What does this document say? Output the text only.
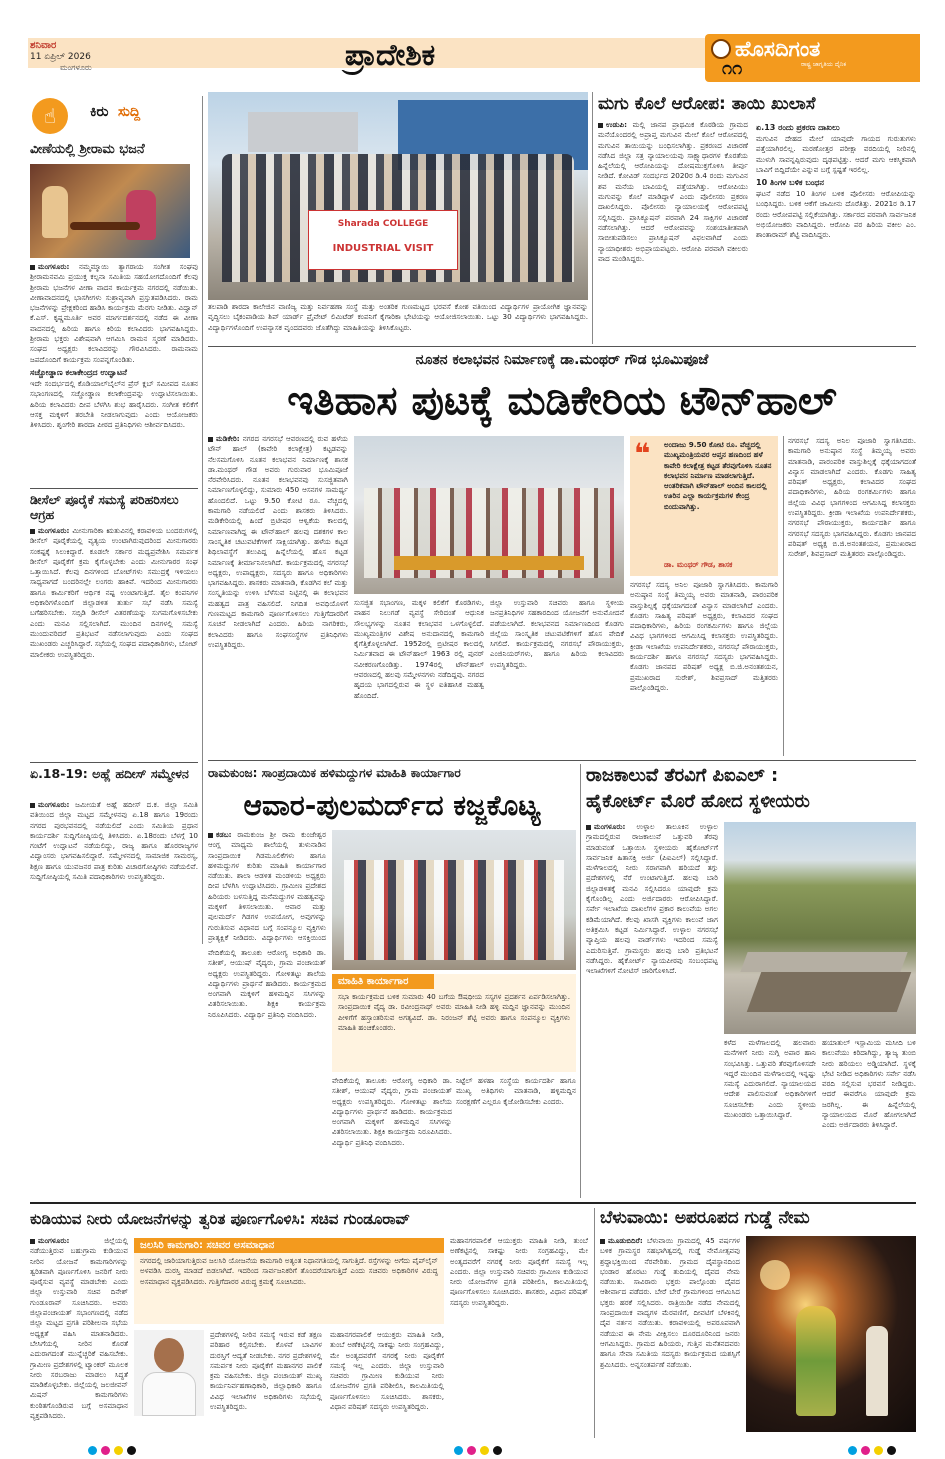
ಶನಿವಾರ
11 ಏಪ್ರಿಲ್ 2026
ಮಂಗಳೂರು	ಪ್ರಾದೇಶಿಕ	ಹೊಸದಿಗಂತ
ರಾಷ್ಟ್ರ ಜಾಗೃತಿಯ ದೈನಿಕ
೧೧
☝	ಕಿರು ಸುದ್ದಿ
ವೀಣೆಯಲ್ಲಿ ಶ್ರೀರಾಮ ಭಜನೆ

ಮಂಗಳೂರು: ನಮ್ಮಮ್ಮಾಯಿ ತ್ಯಾಗರಾಯ ಸಂಗೀತ ಸಂಘವು ಶ್ರೀರಾಮನವಮಿ ಪ್ರಯುಕ್ತ ಕಲ್ಪನಾ ಸಮಿತಿಯ ಸಹಯೋಗದೊಂದಿಗೆ ಕೆಲವು ಶ್ರೀರಾಮ ಭಜನೆಗಳ ವೀಣಾ ವಾದನ ಕಾರ್ಯಕ್ರಮ ನಗರದಲ್ಲಿ ನಡೆಯಿತು. ವೀಣಾವಾದನದಲ್ಲಿ ಭಾಸಗೀಗಳು ಸುಶ್ರಾವ್ಯವಾಗಿ ಪ್ರಸ್ತುತಪಡಿಸಿದರು. ರಾಮ ಭಜನೆಗಳನ್ನು ಪ್ರೇಕ್ಷಕರಿಂದ ಹಾಡಿಸಿ ಕಾರ್ಯಕ್ರಮ ಮೆರಗು ನೀಡಿತು. ವಿದ್ವಾನ್ ಕೆ.ಎಸ್. ಕೃಷ್ಣಮೂರ್ತಿ ಅವರ ಮಾರ್ಗದರ್ಶನದಲ್ಲಿ ನಡೆದ ಈ ವೀಣಾ ವಾದನದಲ್ಲಿ ಹಿರಿಯ ಹಾಗೂ ಕಿರಿಯ ಕಲಾವಿದರು ಭಾಗವಹಿಸಿದ್ದರು. ಶ್ರೀರಾಮ ಭಕ್ತರು ವಿಶೇಷವಾಗಿ ಆಗಮಿಸಿ ರಾಮನ ಸ್ಮರಣೆ ಮಾಡಿದರು. ಸಂಘದ ಅಧ್ಯಕ್ಷರು ಕಲಾವಿದರನ್ನು ಗೌರವಿಸಿದರು. ರಾಮನಾಮ ಜಪದೊಂದಿಗೆ ಕಾರ್ಯಕ್ರಮ ಸಂಪನ್ನಗೊಂಡಿತು.

ಸಚ್ಚೋಡ್ಡಾಣ ಕಲಾಕೇಂದ್ರದ ಉದ್ಘಾಟನೆ

ಇದೇ ಸಂದರ್ಭದಲ್ಲಿ ಕೊಡಿಯಾಲ್‌ಬೈಲ್‌ನ ಪ್ರೆಸ್ ಕ್ಲಬ್ ಸಮೀಪದ ನೂತನ ಸಭಾಂಗಣದಲ್ಲಿ ಸಚ್ಚೋಡ್ಡಾಣ ಕಲಾಕೇಂದ್ರವನ್ನು ಉದ್ಘಾಟಿಸಲಾಯಿತು. ಹಿರಿಯ ಕಲಾವಿದರು ದೀಪ ಬೆಳಗಿಸಿ ಶುಭ ಹಾರೈಸಿದರು. ಸಂಗೀತ ಕಲಿಕೆಗೆ ಆಸಕ್ತ ಮಕ್ಕಳಿಗೆ ತರಬೇತಿ ನೀಡಲಾಗುವುದು ಎಂದು ಆಯೋಜಕರು ತಿಳಿಸಿದರು. ಶೃಂಗೇರಿ ಶಾರದಾ ಪೀಠದ ಪ್ರತಿನಿಧಿಗಳು ಆಶೀರ್ವದಿಸಿದರು.

ಡೀಸೆಲ್ ಪೂರೈಕೆ ಸಮಸ್ಯೆ ಪರಿಹರಿಸಲು ಆಗ್ರಹ

ಮಂಗಳೂರು: ಮೀನುಗಾರಿಕಾ ಋತುವಿನಲ್ಲಿ ಕರಾವಳಿಯ ಬಂದರುಗಳಲ್ಲಿ ಡೀಸೆಲ್ ಪೂರೈಕೆಯಲ್ಲಿ ವ್ಯತ್ಯಯ ಉಂಟಾಗಿರುವುದರಿಂದ ಮೀನುಗಾರರು ಸಂಕಷ್ಟಕ್ಕೆ ಸಿಲುಕಿದ್ದಾರೆ. ಕೂಡಲೇ ಸರ್ಕಾರ ಮಧ್ಯಪ್ರವೇಶಿಸಿ ಸಮರ್ಪಕ ಡೀಸೆಲ್ ಪೂರೈಕೆಗೆ ಕ್ರಮ ಕೈಗೊಳ್ಳಬೇಕು ಎಂದು ಮೀನುಗಾರರ ಸಂಘ ಒತ್ತಾಯಿಸಿದೆ. ಕೆಲವು ದಿನಗಳಿಂದ ಬೋಟ್‌ಗಳು ಸಮುದ್ರಕ್ಕೆ ಇಳಿಯಲು ಸಾಧ್ಯವಾಗದೆ ಬಂದರಿನಲ್ಲೇ ಲಂಗರು ಹಾಕಿವೆ. ಇದರಿಂದ ಮೀನುಗಾರರು ಹಾಗೂ ಕಾರ್ಮಿಕರಿಗೆ ಆರ್ಥಿಕ ನಷ್ಟ ಉಂಟಾಗುತ್ತಿದೆ. ತೈಲ ಕಂಪನಿಗಳ ಅಧಿಕಾರಿಗಳೊಂದಿಗೆ ಜಿಲ್ಲಾಡಳಿತ ತುರ್ತು ಸಭೆ ನಡೆಸಿ ಸಮಸ್ಯೆ ಬಗೆಹರಿಸಬೇಕು. ಸಬ್ಸಿಡಿ ಡೀಸೆಲ್ ವಿತರಣೆಯನ್ನು ಸುಗಮಗೊಳಿಸಬೇಕು ಎಂದು ಮನವಿ ಸಲ್ಲಿಸಲಾಗಿದೆ. ಮುಂದಿನ ದಿನಗಳಲ್ಲಿ ಸಮಸ್ಯೆ ಮುಂದುವರಿದರೆ ಪ್ರತಿಭಟನೆ ನಡೆಸಲಾಗುವುದು ಎಂದು ಸಂಘದ ಮುಖಂಡರು ಎಚ್ಚರಿಸಿದ್ದಾರೆ. ಸಭೆಯಲ್ಲಿ ಸಂಘದ ಪದಾಧಿಕಾರಿಗಳು, ಬೋಟ್ ಮಾಲೀಕರು ಉಪಸ್ಥಿತರಿದ್ದರು.

ಏ.18-19: ಅಹ್ಲೆ ಹದೀಸ್ ಸಮ್ಮೇಳನ

ಮಂಗಳೂರು: ಜಮೀಯತೆ ಅಹ್ಲೆ ಹದೀಸ್ ದ.ಕ. ಜಿಲ್ಲಾ ಸಮಿತಿ ವತಿಯಿಂದ ಜಿಲ್ಲಾ ಮಟ್ಟದ ಸಮ್ಮೇಳನವು ಏ.18 ಹಾಗೂ 19ರಂದು ನಗರದ ಪುರಭವನದಲ್ಲಿ ನಡೆಯಲಿದೆ ಎಂದು ಸಮಿತಿಯ ಪ್ರಧಾನ ಕಾರ್ಯದರ್ಶಿ ಸುದ್ದಿಗೋಷ್ಠಿಯಲ್ಲಿ ತಿಳಿಸಿದರು. ಏ.18ರಂದು ಬೆಳಗ್ಗೆ 10 ಗಂಟೆಗೆ ಉದ್ಘಾಟನೆ ನಡೆಯಲಿದ್ದು, ರಾಜ್ಯ ಹಾಗೂ ಹೊರರಾಜ್ಯಗಳ ವಿದ್ವಾಂಸರು ಭಾಗವಹಿಸಲಿದ್ದಾರೆ. ಸಮ್ಮೇಳನದಲ್ಲಿ ಸಾಮಾಜಿಕ ಸಾಮರಸ್ಯ, ಶಿಕ್ಷಣ ಹಾಗೂ ಯುವಜನರ ಪಾತ್ರ ಕುರಿತು ವಿಚಾರಗೋಷ್ಠಿಗಳು ನಡೆಯಲಿವೆ. ಸುದ್ದಿಗೋಷ್ಠಿಯಲ್ಲಿ ಸಮಿತಿ ಪದಾಧಿಕಾರಿಗಳು ಉಪಸ್ಥಿತರಿದ್ದರು.

Sharada COLLEGE
INDUSTRIAL VISIT
ತಲಪಾಡಿ ಶಾರದಾ ಕಾಲೇಜಿನ ವಾಣಿಜ್ಯ ಮತ್ತು ನಿರ್ವಹಣಾ ಸಂಸ್ಥೆ ಮತ್ತು ಅಂತರಿಕ ಗುಣಮಟ್ಟದ ಭರವಸೆ ಕೋಶ ವತಿಯಿಂದ ವಿದ್ಯಾರ್ಥಿಗಳ ಪ್ರಾಯೋಗಿಕ ಜ್ಞಾನವನ್ನು ವೃದ್ಧಿಸಲು ಬೈಕಂಪಾಡಿಯ ಶಿಪ್ ಯಾರ್ಡ್ ಪ್ರೈವೇಟ್ ಲಿಮಿಟೆಡ್ ಕಂಪನಿಗೆ ಕೈಗಾರಿಕಾ ಭೇಟಿಯನ್ನು ಆಯೋಜಿಸಲಾಯಿತು. ಒಟ್ಟು 30 ವಿದ್ಯಾರ್ಥಿಗಳು ಭಾಗವಹಿಸಿದ್ದರು. ವಿದ್ಯಾರ್ಥಿಗಳೊಂದಿಗೆ ಉಪನ್ಯಾಸಕ ವೃಂದದವರು ಜೊತೆಗಿದ್ದು ಮಾಹಿತಿಯನ್ನು ತಿಳಿಸಿಕೊಟ್ಟರು.
ಮಗು ಕೊಲೆ ಆರೋಪ: ತಾಯಿ ಖುಲಾಸೆ

ಉಡುಪಿ: ಮಲ್ಲಿ ಜಾನಪ ಪ್ರಾಥಮಿಕ ಕೊಠಡಿಯ ಗ್ರಾಮದ ಮನೆಯೊಂದರಲ್ಲಿ ಅಪ್ರಾಪ್ತ ಮಗುವಿನ ಮೇಲೆ ಕೊಲೆ ಆರೋಪದಲ್ಲಿ ಮಗುವಿನ ತಾಯಿಯನ್ನು ಬಂಧಿಸಲಾಗಿತ್ತು. ಪ್ರಕರಣದ ವಿಚಾರಣೆ ನಡೆಸಿದ ಜಿಲ್ಲಾ ಸತ್ರ ನ್ಯಾಯಾಲಯವು ಸಾಕ್ಷ್ಯಾಧಾರಗಳ ಕೊರತೆಯ ಹಿನ್ನೆಲೆಯಲ್ಲಿ ಆರೋಪಿಯನ್ನು ದೋಷಮುಕ್ತಗೊಳಿಸಿ ತೀರ್ಪು ನೀಡಿದೆ. ಕೋವಿಡ್ ಸಂದರ್ಭದ 2020ರ ಡಿ.4 ರಂದು ಮಗುವಿನ ಶವ ಮನೆಯ ಬಾವಿಯಲ್ಲಿ ಪತ್ತೆಯಾಗಿತ್ತು. ಆರೋಪಿಯು ಮಗುವನ್ನು ಕೊಲೆ ಮಾಡಿದ್ದಾಳೆ ಎಂದು ಪೊಲೀಸರು ಪ್ರಕರಣ ದಾಖಲಿಸಿದ್ದರು. ಪೊಲೀಸರು ನ್ಯಾಯಾಲಯಕ್ಕೆ ಆರೋಪಪಟ್ಟಿ ಸಲ್ಲಿಸಿದ್ದರು. ಪ್ರಾಸಿಕ್ಯೂಷನ್ ಪರವಾಗಿ 24 ಸಾಕ್ಷಿಗಳ ವಿಚಾರಣೆ ನಡೆಸಲಾಗಿತ್ತು. ಆದರೆ ಆರೋಪವನ್ನು ಸಂಶಯಾತೀತವಾಗಿ ಸಾಬೀತುಪಡಿಸಲು ಪ್ರಾಸಿಕ್ಯೂಷನ್ ವಿಫಲವಾಗಿದೆ ಎಂದು ನ್ಯಾಯಾಧೀಶರು ಅಭಿಪ್ರಾಯಪಟ್ಟರು. ಆರೋಪಿ ಪರವಾಗಿ ವಕೀಲರು ವಾದ ಮಂಡಿಸಿದ್ದರು.

ಏ.13 ರಂದು ಪ್ರಕರಣ ದಾಖಲು

ಮಗುವಿನ ದೇಹದ ಮೇಲೆ ಯಾವುದೇ ಗಾಯದ ಗುರುತುಗಳು ಪತ್ತೆಯಾಗಿರಲಿಲ್ಲ. ಮರಣೋತ್ತರ ಪರೀಕ್ಷಾ ವರದಿಯಲ್ಲಿ ನೀರಿನಲ್ಲಿ ಮುಳುಗಿ ಸಾವನ್ನಪ್ಪಿರುವುದು ದೃಢಪಟ್ಟಿತ್ತು. ಆದರೆ ಮಗು ಆಕಸ್ಮಿಕವಾಗಿ ಬಾವಿಗೆ ಬಿದ್ದಿದೆಯೇ ಎನ್ನುವ ಬಗ್ಗೆ ಸ್ಪಷ್ಟತೆ ಇರಲಿಲ್ಲ.

10 ತಿಂಗಳ ಬಳಿಕ ಬಂಧನ

ಘಟನೆ ನಡೆದ 10 ತಿಂಗಳ ಬಳಿಕ ಪೊಲೀಸರು ಆರೋಪಿಯನ್ನು ಬಂಧಿಸಿದ್ದರು. ಬಳಿಕ ಆಕೆಗೆ ಜಾಮೀನು ದೊರೆತಿತ್ತು. 2021ರ ಡಿ.17 ರಂದು ಆರೋಪಪಟ್ಟಿ ಸಲ್ಲಿಕೆಯಾಗಿತ್ತು. ಸರ್ಕಾರದ ಪರವಾಗಿ ಸಾರ್ವಜನಿಕ ಅಭಿಯೋಜಕರು ವಾದಿಸಿದ್ದರು. ಆರೋಪಿ ಪರ ಹಿರಿಯ ವಕೀಲ ಎಂ. ಶಾಂತಾರಾಮ್ ಶೆಟ್ಟಿ ವಾದಿಸಿದ್ದರು.

ನೂತನ ಕಲಾಭವನ ನಿರ್ಮಾಣಕ್ಕೆ ಡಾ.ಮಂಥರ್ ಗೌಡ ಭೂಮಿಪೂಜೆ
ಇತಿಹಾಸ ಪುಟಕ್ಕೆ ಮಡಿಕೇರಿಯ ಟೌನ್‌ಹಾಲ್

ಮಡಿಕೇರಿ: ನಗರದ ನಗರಸಭೆ ಆವರಣದಲ್ಲಿ ರುವ ಹಳೆಯ ಟೌನ್ ಹಾಲ್ (ಕಾವೇರಿ ಕಲಾಕ್ಷೇತ್ರ) ಕಟ್ಟಡವನ್ನು ನೆಲಸಮಗೊಳಿಸಿ ನೂತನ ಕಲಾಭವನ ನಿರ್ಮಾಣಕ್ಕೆ ಶಾಸಕ ಡಾ.ಮಂಥರ್ ಗೌಡ ಅವರು ಗುರುವಾರ ಭೂಮಿಪೂಜೆ ನೆರವೇರಿಸಿದರು. ನೂತನ ಕಲಾಭವನವು ಸುಸಜ್ಜಿತವಾಗಿ ನಿರ್ಮಾಣಗೊಳ್ಳಲಿದ್ದು, ಸುಮಾರು 450 ಆಸನಗಳ ಸಾಮರ್ಥ್ಯ ಹೊಂದಲಿದೆ. ಒಟ್ಟು 9.50 ಕೋಟಿ ರೂ. ವೆಚ್ಚದಲ್ಲಿ ಕಾಮಗಾರಿ ನಡೆಯಲಿದೆ ಎಂದು ಶಾಸಕರು ತಿಳಿಸಿದರು. ಮಡಿಕೇರಿಯಲ್ಲಿ ಹಿಂದೆ ಬ್ರಿಟೀಷರ ಆಳ್ವಿಕೆಯ ಕಾಲದಲ್ಲಿ ನಿರ್ಮಾಣವಾಗಿದ್ದ ಈ ಟೌನ್‌ಹಾಲ್ ಹಲವು ದಶಕಗಳ ಕಾಲ ಸಾಂಸ್ಕೃತಿಕ ಚಟುವಟಿಕೆಗಳಿಗೆ ಸಾಕ್ಷಿಯಾಗಿತ್ತು. ಹಳೆಯ ಕಟ್ಟಡ ಶಿಥಿಲಾವಸ್ಥೆಗೆ ತಲುಪಿದ್ದ ಹಿನ್ನೆಲೆಯಲ್ಲಿ ಹೊಸ ಕಟ್ಟಡ ನಿರ್ಮಾಣಕ್ಕೆ ತೀರ್ಮಾನಿಸಲಾಗಿದೆ. ಕಾರ್ಯಕ್ರಮದಲ್ಲಿ ನಗರಸಭೆ ಅಧ್ಯಕ್ಷರು, ಉಪಾಧ್ಯಕ್ಷರು, ಸದಸ್ಯರು ಹಾಗೂ ಅಧಿಕಾರಿಗಳು ಭಾಗವಹಿಸಿದ್ದರು. ಶಾಸಕರು ಮಾತನಾಡಿ, ಕೊಡಗಿನ ಕಲೆ ಮತ್ತು ಸಂಸ್ಕೃತಿಯನ್ನು ಉಳಿಸಿ ಬೆಳೆಸುವ ನಿಟ್ಟಿನಲ್ಲಿ ಈ ಕಲಾಭವನ ಮಹತ್ವದ ಪಾತ್ರ ವಹಿಸಲಿದೆ. ನಿಗದಿತ ಅವಧಿಯೊಳಗೆ ಗುಣಮಟ್ಟದ ಕಾಮಗಾರಿ ಪೂರ್ಣಗೊಳಿಸಲು ಗುತ್ತಿಗೆದಾರರಿಗೆ ಸೂಚನೆ ನೀಡಲಾಗಿದೆ ಎಂದರು. ಹಿರಿಯ ನಾಗರಿಕರು, ಕಲಾವಿದರು ಹಾಗೂ ಸಂಘಸಂಸ್ಥೆಗಳ ಪ್ರತಿನಿಧಿಗಳು ಉಪಸ್ಥಿತರಿದ್ದರು.

ಸುಸಜ್ಜಿತ ಸಭಾಂಗಣ, ಮಕ್ಕಳ ಕಲಿಕೆಗೆ ಕೊಠಡಿಗಳು, ವಾಹನ ನಿಲುಗಡೆ ವ್ಯವಸ್ಥೆ ಸೇರಿದಂತೆ ಆಧುನಿಕ ಸೌಲಭ್ಯಗಳನ್ನು ನೂತನ ಕಲಾಭವನ ಒಳಗೊಳ್ಳಲಿದೆ. ಮುಖ್ಯಮಂತ್ರಿಗಳ ವಿಶೇಷ ಅನುದಾನದಲ್ಲಿ ಕಾಮಗಾರಿ ಕೈಗೆತ್ತಿಕೊಳ್ಳಲಾಗಿದೆ. 1952ರಲ್ಲಿ ಬ್ರಿಟೀಷರ ಕಾಲದಲ್ಲಿ ನಿರ್ಮಿತವಾದ ಈ ಟೌನ್‌ಹಾಲ್ 1963 ರಲ್ಲಿ ಪುನರ್ ನವೀಕರಣಗೊಂಡಿತ್ತು. 1974ರಲ್ಲಿ ಟೌನ್‌ಹಾಲ್ ಆವರಣದಲ್ಲಿ ಹಲವು ಸಮ್ಮೇಳನಗಳು ನಡೆದಿದ್ದವು. ನಗರದ ಹೃದಯ ಭಾಗದಲ್ಲಿರುವ ಈ ಸ್ಥಳ ಐತಿಹಾಸಿಕ ಮಹತ್ವ ಹೊಂದಿದೆ.

ಜಿಲ್ಲಾ ಉಸ್ತುವಾರಿ ಸಚಿವರು ಹಾಗೂ ಸ್ಥಳೀಯ ಜನಪ್ರತಿನಿಧಿಗಳ ಸಹಕಾರದಿಂದ ಯೋಜನೆಗೆ ಅನುಮೋದನೆ ಪಡೆಯಲಾಗಿದೆ. ಕಲಾಭವನದ ನಿರ್ಮಾಣದಿಂದ ಕೊಡಗು ಜಿಲ್ಲೆಯ ಸಾಂಸ್ಕೃತಿಕ ಚಟುವಟಿಕೆಗಳಿಗೆ ಹೊಸ ವೇದಿಕೆ ಸಿಗಲಿದೆ. ಕಾರ್ಯಕ್ರಮದಲ್ಲಿ ನಗರಸಭೆ ಪೌರಾಯುಕ್ತರು, ಎಂಜಿನಿಯರ್‌ಗಳು, ಹಾಗೂ ಹಿರಿಯ ಕಲಾವಿದರು ಉಪಸ್ಥಿತರಿದ್ದರು.

❝ ಅಂದಾಜು 9.50 ಕೋಟಿ ರೂ. ವೆಚ್ಚದಲ್ಲಿ ಮುಖ್ಯಮಂತ್ರಿಯವರ ಆಪ್ತನ ಹಣದಿಂದ ಹಳೆ ಕಾವೇರಿ ಕಲಾಕ್ಷೇತ್ರ ಕಟ್ಟಡ ತೆರವುಗೊಳಿಸಿ ನೂತನ ಕಲಾಭವನ ನಿರ್ಮಾಣ ಮಾಡಲಾಗುತ್ತಿದೆ. ಆಂತರಿಕವಾಗಿ ಟೌನ್‌ಹಾಲ್ ಅಂದಿನ ಕಾಲದಲ್ಲಿ ಊರಿನ ಎಲ್ಲಾ ಕಾರ್ಯಕ್ರಮಗಳ ಕೇಂದ್ರ ಬಿಂದುವಾಗಿತ್ತು.
ಡಾ. ಮಂಥರ್ ಗೌಡ, ಶಾಸಕ

ನಗರಸಭೆ ಸದಸ್ಯ ಅನಿಲ ಪೂಜಾರಿ ಸ್ವಾಗತಿಸಿದರು. ಕಾಮಗಾರಿ ಅನುಷ್ಠಾನ ಸಂಸ್ಥೆ ತಿಮ್ಮಯ್ಯ ಅವರು ಮಾತನಾಡಿ, ಪಾರಂಪರಿಕ ವಾಸ್ತುಶಿಲ್ಪಕ್ಕೆ ಧಕ್ಕೆಯಾಗದಂತೆ ವಿನ್ಯಾಸ ಮಾಡಲಾಗಿದೆ ಎಂದರು. ಕೊಡಗು ಸಾಹಿತ್ಯ ಪರಿಷತ್ ಅಧ್ಯಕ್ಷರು, ಕಲಾವಿದರ ಸಂಘದ ಪದಾಧಿಕಾರಿಗಳು, ಹಿರಿಯ ರಂಗಕರ್ಮಿಗಳು ಹಾಗೂ ಜಿಲ್ಲೆಯ ವಿವಿಧ ಭಾಗಗಳಿಂದ ಆಗಮಿಸಿದ್ದ ಕಲಾಸಕ್ತರು ಉಪಸ್ಥಿತರಿದ್ದರು. ಕ್ರೀಡಾ ಇಲಾಖೆಯ ಉಪನಿರ್ದೇಶಕರು, ನಗರಸಭೆ ಪೌರಾಯುಕ್ತರು, ಕಾರ್ಯದರ್ಶಿ ಹಾಗೂ ನಗರಸಭೆ ಸದಸ್ಯರು ಭಾಗವಹಿಸಿದ್ದರು. ಕೊಡಗು ಜಾನಪದ ಪರಿಷತ್ ಅಧ್ಯಕ್ಷ ಬಿ.ಜಿ.ಅನಂತಶಯನ, ಪ್ರಮುಖರಾದ ಸುರೇಶ್, ಶಿವಪ್ರಸಾದ್ ಮತ್ತಿತರರು ಪಾಲ್ಗೊಂಡಿದ್ದರು.

ನಗರಸಭೆ ಸದಸ್ಯ ಅನಿಲ ಪೂಜಾರಿ ಸ್ವಾಗತಿಸಿದರು. ಕಾಮಗಾರಿ ಅನುಷ್ಠಾನ ಸಂಸ್ಥೆ ತಿಮ್ಮಯ್ಯ ಅವರು ಮಾತನಾಡಿ, ಪಾರಂಪರಿಕ ವಾಸ್ತುಶಿಲ್ಪಕ್ಕೆ ಧಕ್ಕೆಯಾಗದಂತೆ ವಿನ್ಯಾಸ ಮಾಡಲಾಗಿದೆ ಎಂದರು. ಕೊಡಗು ಸಾಹಿತ್ಯ ಪರಿಷತ್ ಅಧ್ಯಕ್ಷರು, ಕಲಾವಿದರ ಸಂಘದ ಪದಾಧಿಕಾರಿಗಳು, ಹಿರಿಯ ರಂಗಕರ್ಮಿಗಳು ಹಾಗೂ ಜಿಲ್ಲೆಯ ವಿವಿಧ ಭಾಗಗಳಿಂದ ಆಗಮಿಸಿದ್ದ ಕಲಾಸಕ್ತರು ಉಪಸ್ಥಿತರಿದ್ದರು. ಕ್ರೀಡಾ ಇಲಾಖೆಯ ಉಪನಿರ್ದೇಶಕರು, ನಗರಸಭೆ ಪೌರಾಯುಕ್ತರು, ಕಾರ್ಯದರ್ಶಿ ಹಾಗೂ ನಗರಸಭೆ ಸದಸ್ಯರು ಭಾಗವಹಿಸಿದ್ದರು. ಕೊಡಗು ಜಾನಪದ ಪರಿಷತ್ ಅಧ್ಯಕ್ಷ ಬಿ.ಜಿ.ಅನಂತಶಯನ, ಪ್ರಮುಖರಾದ ಸುರೇಶ್, ಶಿವಪ್ರಸಾದ್ ಮತ್ತಿತರರು ಪಾಲ್ಗೊಂಡಿದ್ದರು.

ರಾಮಕುಂಜ: ಸಾಂಪ್ರದಾಯಿಕ ಹಳಿಮದ್ದುಗಳ ಮಾಹಿತಿ ಕಾರ್ಯಾಗಾರ
ಆವಾರ-ಪುಲಮರ್ದ್‌ದ ಕಜ್ಜಕೊಟ್ಯ

ಕಡಬ: ರಾಮಕುಂಜ ಶ್ರೀ ರಾಮ ಕುಂಜೇಶ್ವರ ಆಂಗ್ಲ ಮಾಧ್ಯಮ ಶಾಲೆಯಲ್ಲಿ ತುಳುನಾಡಿನ ಸಾಂಪ್ರದಾಯಿಕ ಗಿಡಮೂಲಿಕೆಗಳು ಹಾಗೂ ಹಳಿಮದ್ದುಗಳ ಕುರಿತು ಮಾಹಿತಿ ಕಾರ್ಯಾಗಾರ ನಡೆಯಿತು. ಶಾಲಾ ಆಡಳಿತ ಮಂಡಳಿಯ ಅಧ್ಯಕ್ಷರು ದೀಪ ಬೆಳಗಿಸಿ ಉದ್ಘಾಟಿಸಿದರು. ಗ್ರಾಮೀಣ ಪ್ರದೇಶದ ಹಿರಿಯರು ಬಳಸುತ್ತಿದ್ದ ಮನೆಮದ್ದುಗಳ ಮಹತ್ವವನ್ನು ಮಕ್ಕಳಿಗೆ ತಿಳಿಸಲಾಯಿತು. ಆವಾರ ಮತ್ತು ಪುಲಮರ್ದ್ ಗಿಡಗಳ ಉಪಯೋಗ, ಅವುಗಳನ್ನು ಗುರುತಿಸುವ ವಿಧಾನದ ಬಗ್ಗೆ ಸಂಪನ್ಮೂಲ ವ್ಯಕ್ತಿಗಳು ಪ್ರಾತ್ಯಕ್ಷಿಕೆ ನೀಡಿದರು. ವಿದ್ಯಾರ್ಥಿಗಳು ಆಸಕ್ತಿಯಿಂದ

ಮಾಹಿತಿ ಕಾರ್ಯಾಗಾರ
ಸಭಾ ಕಾರ್ಯಕ್ರಮದ ಬಳಿಕ ಸುಮಾರು 40 ಬಗೆಯ ಔಷಧೀಯ ಸಸ್ಯಗಳ ಪ್ರದರ್ಶನ ಏರ್ಪಡಿಸಲಾಗಿತ್ತು. ಸಾಂಪ್ರದಾಯಿಕ ವೈದ್ಯ ಡಾ. ರವೀಂದ್ರನಾಥ್ ಅವರು ಮಾಹಿತಿ ನೀಡಿ ಹಳ್ಳಿ ಮದ್ದಿನ ಜ್ಞಾನವನ್ನು ಮುಂದಿನ ಪೀಳಿಗೆಗೆ ಹಸ್ತಾಂತರಿಸುವ ಅಗತ್ಯವಿದೆ. ಡಾ. ನಿರಂಜನ್ ಶೆಟ್ಟಿ ಅವರು ಹಾಗೂ ಸಂಪನ್ಮೂಲ ವ್ಯಕ್ತಿಗಳು ಮಾಹಿತಿ ಹಂಚಿಕೊಂಡರು.

ವೇದಿಕೆಯಲ್ಲಿ ತಾಲೂಕು ಆರೋಗ್ಯ ಅಧಿಕಾರಿ ಡಾ. ಸತೀಶ್, ಆಯುಷ್ ವೈದ್ಯರು, ಗ್ರಾಮ ಪಂಚಾಯತ್ ಅಧ್ಯಕ್ಷರು ಉಪಸ್ಥಿತರಿದ್ದರು. ಗೋಳಿತಟ್ಟು ಶಾಲೆಯ ವಿದ್ಯಾರ್ಥಿಗಳು ಪ್ರಾರ್ಥನೆ ಹಾಡಿದರು. ಕಾರ್ಯಕ್ರಮದ ಅಂಗವಾಗಿ ಮಕ್ಕಳಿಗೆ ಹಳಿಮದ್ದಿನ ಸಸಿಗಳನ್ನು ವಿತರಿಸಲಾಯಿತು. ಶಿಕ್ಷಕಿ ಕಾರ್ಯಕ್ರಮ ನಿರೂಪಿಸಿದರು. ವಿದ್ಯಾರ್ಥಿ ಪ್ರತಿನಿಧಿ ವಂದಿಸಿದರು.

ವೇದಿಕೆಯಲ್ಲಿ ತಾಲೂಕು ಆರೋಗ್ಯ ಅಧಿಕಾರಿ ಡಾ. ಸತೀಶ್, ಆಯುಷ್ ವೈದ್ಯರು, ಗ್ರಾಮ ಪಂಚಾಯತ್ ಅಧ್ಯಕ್ಷರು ಉಪಸ್ಥಿತರಿದ್ದರು. ಗೋಳಿತಟ್ಟು ಶಾಲೆಯ ವಿದ್ಯಾರ್ಥಿಗಳು ಪ್ರಾರ್ಥನೆ ಹಾಡಿದರು. ಕಾರ್ಯಕ್ರಮದ ಅಂಗವಾಗಿ ಮಕ್ಕಳಿಗೆ ಹಳಿಮದ್ದಿನ ಸಸಿಗಳನ್ನು ವಿತರಿಸಲಾಯಿತು. ಶಿಕ್ಷಕಿ ಕಾರ್ಯಕ್ರಮ ನಿರೂಪಿಸಿದರು. ವಿದ್ಯಾರ್ಥಿ ಪ್ರತಿನಿಧಿ ವಂದಿಸಿದರು.

ನಿಟ್ಟೆಲ್ ಹಳಹಾ ಸಂಸ್ಥೆಯ ಕಾರ್ಯದರ್ಶಿ ಹಾಗೂ ಮುಖ್ಯ ಅತಿಥಿಗಳು ಮಾತನಾಡಿ, ಹಳ್ಳಿಮದ್ದಿನ ಸಂರಕ್ಷಣೆಗೆ ಎಲ್ಲರೂ ಕೈಜೋಡಿಸಬೇಕು ಎಂದರು.

ರಾಜಕಾಲುವೆ ತೆರವಿಗೆ ಪಿಐಎಲ್ :
ಹೈಕೋರ್ಟ್ ಮೊರೆ ಹೋದ ಸ್ಥಳೀಯರು

ಮಂಗಳೂರು: ಉಳ್ಳಾಲ ತಾಲೂಕಿನ ಉಳ್ಳಾಲ ಗ್ರಾಮದಲ್ಲಿರುವ ರಾಜಕಾಲುವೆ ಒತ್ತುವರಿ ತೆರವು ಮಾಡುವಂತೆ ಒತ್ತಾಯಿಸಿ ಸ್ಥಳೀಯರು ಹೈಕೋರ್ಟ್‌ಗೆ ಸಾರ್ವಜನಿಕ ಹಿತಾಸಕ್ತಿ ಅರ್ಜಿ (ಪಿಐಎಲ್) ಸಲ್ಲಿಸಿದ್ದಾರೆ. ಮಳೆಗಾಲದಲ್ಲಿ ನೀರು ಸರಾಗವಾಗಿ ಹರಿಯದೆ ತಗ್ಗು ಪ್ರದೇಶಗಳಲ್ಲಿ ನೆರೆ ಉಂಟಾಗುತ್ತಿದೆ. ಹಲವು ಬಾರಿ ಜಿಲ್ಲಾಡಳಿತಕ್ಕೆ ಮನವಿ ಸಲ್ಲಿಸಿದರೂ ಯಾವುದೇ ಕ್ರಮ ಕೈಗೊಂಡಿಲ್ಲ ಎಂದು ಅರ್ಜಿದಾರರು ಆರೋಪಿಸಿದ್ದಾರೆ. ಸರ್ವೇ ಇಲಾಖೆಯ ದಾಖಲೆಗಳ ಪ್ರಕಾರ ಕಾಲುವೆಯ ಅಗಲ ಕಡಿಮೆಯಾಗಿದೆ. ಕೆಲವು ಖಾಸಗಿ ವ್ಯಕ್ತಿಗಳು ಕಾಲುವೆ ಜಾಗ ಅತಿಕ್ರಮಿಸಿ ಕಟ್ಟಡ ನಿರ್ಮಿಸಿದ್ದಾರೆ. ಉಳ್ಳಾಲ ನಗರಸಭೆ ವ್ಯಾಪ್ತಿಯ ಹಲವು ವಾರ್ಡ್‌ಗಳು ಇದರಿಂದ ಸಮಸ್ಯೆ ಎದುರಿಸುತ್ತಿವೆ. ಗ್ರಾಮಸ್ಥರು ಹಲವು ಬಾರಿ ಪ್ರತಿಭಟನೆ ನಡೆಸಿದ್ದರು. ಹೈಕೋರ್ಟ್ ನ್ಯಾಯಪೀಠವು ಸಂಬಂಧಪಟ್ಟ ಇಲಾಖೆಗಳಿಗೆ ನೋಟಿಸ್ ಜಾರಿಗೊಳಿಸಿದೆ.

ಕಳೆದ ಮಳೆಗಾಲದಲ್ಲಿ ಹಲವಾರು ಮನೆಗಳಿಗೆ ನೀರು ನುಗ್ಗಿ ಅಪಾರ ಹಾನಿ ಸಂಭವಿಸಿತ್ತು. ಒತ್ತುವರಿ ತೆರವುಗೊಳಿಸದೇ ಇದ್ದರೆ ಮುಂದಿನ ಮಳೆಗಾಲದಲ್ಲಿ ಇನ್ನಷ್ಟು ಸಮಸ್ಯೆ ಎದುರಾಗಲಿದೆ. ನ್ಯಾಯಾಲಯದ ಆದೇಶ ಪಾಲಿಸುವಂತೆ ಅಧಿಕಾರಿಗಳಿಗೆ ಸೂಚಿಸಬೇಕು ಎಂದು ಸ್ಥಳೀಯ ಮುಖಂಡರು ಒತ್ತಾಯಿಸಿದ್ದಾರೆ.

ಹಯಾತುಲ್ ಇಸ್ಲಾಮಿಯ ಮಸೀದಿ ಬಳಿ ಕಾಲುವೆಯು ಕಿರಿದಾಗಿದ್ದು, ತ್ಯಾಜ್ಯ ತುಂಬಿ ನೀರು ಹರಿಯಲು ಅಡ್ಡಿಯಾಗಿದೆ. ಸ್ಥಳಕ್ಕೆ ಭೇಟಿ ನೀಡಿದ ಅಧಿಕಾರಿಗಳು ಸರ್ವೇ ನಡೆಸಿ ವರದಿ ಸಲ್ಲಿಸುವ ಭರವಸೆ ನೀಡಿದ್ದರು. ಆದರೆ ಈವರೆಗೂ ಯಾವುದೇ ಕ್ರಮ ಜರಗಿಲ್ಲ. ಈ ಹಿನ್ನೆಲೆಯಲ್ಲಿ ನ್ಯಾಯಾಲಯದ ಮೊರೆ ಹೋಗಲಾಗಿದೆ ಎಂದು ಅರ್ಜಿದಾರರು ತಿಳಿಸಿದ್ದಾರೆ.

ಕುಡಿಯುವ ನೀರು ಯೋಜನೆಗಳನ್ನು ತ್ವರಿತ ಪೂರ್ಣಗೊಳಿಸಿ: ಸಚಿವ ಗುಂಡೂರಾವ್

ಮಂಗಳೂರು:	ಜಿಲ್ಲೆಯಲ್ಲಿ ನಡೆಯುತ್ತಿರುವ ಬಹುಗ್ರಾಮ ಕುಡಿಯುವ ನೀರಿನ ಯೋಜನೆ ಕಾಮಗಾರಿಗಳನ್ನು ತ್ವರಿತವಾಗಿ ಪೂರ್ಣಗೊಳಿಸಿ ಜನರಿಗೆ ನೀರು ಪೂರೈಸುವ ವ್ಯವಸ್ಥೆ ಮಾಡಬೇಕು ಎಂದು ಜಿಲ್ಲಾ ಉಸ್ತುವಾರಿ ಸಚಿವ ದಿನೇಶ್ ಗುಂಡೂರಾವ್ ಸೂಚಿಸಿದರು. ಅವರು ಜಿಲ್ಲಾಪಂಚಾಯತ್ ಸಭಾಂಗಣದಲ್ಲಿ ನಡೆದ ಜಿಲ್ಲಾ ಮಟ್ಟದ ಪ್ರಗತಿ ಪರಿಶೀಲನಾ ಸಭೆಯ ಅಧ್ಯಕ್ಷತೆ ವಹಿಸಿ ಮಾತನಾಡಿದರು. ಬೇಸಿಗೆಯಲ್ಲಿ ನೀರಿನ ಕೊರತೆ ಎದುರಾಗದಂತೆ ಮುನ್ನೆಚ್ಚರಿಕೆ ವಹಿಸಬೇಕು. ಗ್ರಾಮೀಣ ಪ್ರದೇಶಗಳಲ್ಲಿ ಟ್ಯಾಂಕರ್ ಮೂಲಕ ನೀರು ಸರಬರಾಜು ಮಾಡಲು ಸಿದ್ಧತೆ ಮಾಡಿಕೊಳ್ಳಬೇಕು. ಜಿಲ್ಲೆಯಲ್ಲಿ ಜಲಜೀವನ್ ಮಿಷನ್ ಕಾಮಗಾರಿಗಳು ಕುಂಠಿತಗೊಂಡಿರುವ ಬಗ್ಗೆ ಅಸಮಾಧಾನ ವ್ಯಕ್ತಪಡಿಸಿದರು.

ಜಲಸಿರಿ ಕಾಮಗಾರಿ: ಸಚಿವರ ಅಸಮಾಧಾನ
ನಗರದಲ್ಲಿ ಜಾರಿಯಾಗುತ್ತಿರುವ ಜಲಸಿರಿ ಯೋಜನೆಯ ಕಾಮಗಾರಿ ಅತ್ಯಂತ ನಿಧಾನಗತಿಯಲ್ಲಿ ಸಾಗುತ್ತಿದೆ. ರಸ್ತೆಗಳನ್ನು ಅಗೆದು ಪೈಪ್‌ಲೈನ್ ಅಳವಡಿಸಿ ದುರಸ್ತಿ ಮಾಡದೆ ಬಿಡಲಾಗಿದೆ. ಇದರಿಂದ ಸಾರ್ವಜನಿಕರಿಗೆ ತೊಂದರೆಯಾಗುತ್ತಿದೆ ಎಂದು ಸಚಿವರು ಅಧಿಕಾರಿಗಳ ವಿರುದ್ಧ ಅಸಮಾಧಾನ ವ್ಯಕ್ತಪಡಿಸಿದರು. ಗುತ್ತಿಗೆದಾರರ ವಿರುದ್ಧ ಕ್ರಮಕ್ಕೆ ಸೂಚಿಸಿದರು.

ಪ್ರದೇಶಗಳಲ್ಲಿ ನೀರಿನ ಸಮಸ್ಯೆ ಇರುವ ಕಡೆ ತಕ್ಷಣ ಪರಿಹಾರ ಕಲ್ಪಿಸಬೇಕು. ಕೊಳವೆ ಬಾವಿಗಳ ದುರಸ್ತಿಗೆ ಆದ್ಯತೆ ನೀಡಬೇಕು. ನಗರ ಪ್ರದೇಶಗಳಲ್ಲಿ ಸಮರ್ಪಕ ನೀರು ಪೂರೈಕೆಗೆ ಮಹಾನಗರ ಪಾಲಿಕೆ ಕ್ರಮ ವಹಿಸಬೇಕು. ಜಿಲ್ಲಾ ಪಂಚಾಯತ್ ಮುಖ್ಯ ಕಾರ್ಯನಿರ್ವಹಣಾಧಿಕಾರಿ, ಜಿಲ್ಲಾಧಿಕಾರಿ ಹಾಗೂ ವಿವಿಧ ಇಲಾಖೆಗಳ ಅಧಿಕಾರಿಗಳು ಸಭೆಯಲ್ಲಿ ಉಪಸ್ಥಿತರಿದ್ದರು.

ಮಹಾನಗರಪಾಲಿಕೆ ಆಯುಕ್ತರು ಮಾಹಿತಿ ನೀಡಿ, ತುಂಬೆ ಅಣೆಕಟ್ಟಿನಲ್ಲಿ ಸಾಕಷ್ಟು ನೀರು ಸಂಗ್ರಹವಿದ್ದು, ಮೇ ಅಂತ್ಯದವರೆಗೆ ನಗರಕ್ಕೆ ನೀರು ಪೂರೈಕೆಗೆ ಸಮಸ್ಯೆ ಇಲ್ಲ ಎಂದರು. ಜಿಲ್ಲಾ ಉಸ್ತುವಾರಿ ಸಚಿವರು ಗ್ರಾಮೀಣ ಕುಡಿಯುವ ನೀರು ಯೋಜನೆಗಳ ಪ್ರಗತಿ ಪರಿಶೀಲಿಸಿ, ಕಾಲಮಿತಿಯಲ್ಲಿ ಪೂರ್ಣಗೊಳಿಸಲು ಸೂಚಿಸಿದರು. ಶಾಸಕರು, ವಿಧಾನ ಪರಿಷತ್ ಸದಸ್ಯರು ಉಪಸ್ಥಿತರಿದ್ದರು.

ಮಹಾನಗರಪಾಲಿಕೆ ಆಯುಕ್ತರು ಮಾಹಿತಿ ನೀಡಿ, ತುಂಬೆ ಅಣೆಕಟ್ಟಿನಲ್ಲಿ ಸಾಕಷ್ಟು ನೀರು ಸಂಗ್ರಹವಿದ್ದು, ಮೇ ಅಂತ್ಯದವರೆಗೆ ನಗರಕ್ಕೆ ನೀರು ಪೂರೈಕೆಗೆ ಸಮಸ್ಯೆ ಇಲ್ಲ ಎಂದರು. ಜಿಲ್ಲಾ ಉಸ್ತುವಾರಿ ಸಚಿವರು ಗ್ರಾಮೀಣ ಕುಡಿಯುವ ನೀರು ಯೋಜನೆಗಳ ಪ್ರಗತಿ ಪರಿಶೀಲಿಸಿ, ಕಾಲಮಿತಿಯಲ್ಲಿ ಪೂರ್ಣಗೊಳಿಸಲು ಸೂಚಿಸಿದರು. ಶಾಸಕರು, ವಿಧಾನ ಪರಿಷತ್ ಸದಸ್ಯರು ಉಪಸ್ಥಿತರಿದ್ದರು.

ಬೆಳುವಾಯಿ: ಅಪರೂಪದ ಗುಡ್ಡೆ ನೇಮ

ಮೂಡುಬಿದಿರೆ: ಬೆಳುವಾಯಿ ಗ್ರಾಮದಲ್ಲಿ 45 ವರ್ಷಗಳ ಬಳಿಕ ಗ್ರಾಮಸ್ಥರ ಸಹಭಾಗಿತ್ವದಲ್ಲಿ ಗುಡ್ಡೆ ನೇಮೋತ್ಸವವು ಶ್ರದ್ಧಾಭಕ್ತಿಯಿಂದ ನೆರವೇರಿತು. ಗ್ರಾಮದ ದೈವಸ್ಥಾನದಿಂದ ಭಂಡಾರ ಹೊರಟು ಗುಡ್ಡೆ ತುದಿಯಲ್ಲಿ ದೈವದ ನೇಮ ನಡೆಯಿತು. ಸಾವಿರಾರು ಭಕ್ತರು ಪಾಲ್ಗೊಂಡು ದೈವದ ಆಶೀರ್ವಾದ ಪಡೆದರು. ಬೇರೆ ಬೇರೆ ಗ್ರಾಮಗಳಿಂದ ಆಗಮಿಸಿದ ಭಕ್ತರು ಹರಕೆ ಸಲ್ಲಿಸಿದರು. ರಾತ್ರಿಯಿಡೀ ನಡೆದ ನೇಮದಲ್ಲಿ ಸಾಂಪ್ರದಾಯಿಕ ವಾದ್ಯಗಳ ಮೆರವಣಿಗೆ, ದೀವಟಿಗೆ ಬೆಳಕಿನಲ್ಲಿ ದೈವ ನರ್ತನ ನಡೆಯಿತು. ಕರಾವಳಿಯಲ್ಲಿ ಅಪರೂಪವಾಗಿ ನಡೆಯುವ ಈ ನೇಮ ವೀಕ್ಷಿಸಲು ದೂರದೂರಿನಿಂದ ಜನರು ಆಗಮಿಸಿದ್ದರು. ಗ್ರಾಮದ ಹಿರಿಯರು, ಗುತ್ತಿನ ಮನೆತನದವರು ಹಾಗೂ ಸೇವಾ ಸಮಿತಿಯ ಸದಸ್ಯರು ಕಾರ್ಯಕ್ರಮದ ಯಶಸ್ಸಿಗೆ ಶ್ರಮಿಸಿದರು. ಅನ್ನಸಂತರ್ಪಣೆ ನಡೆಯಿತು.
